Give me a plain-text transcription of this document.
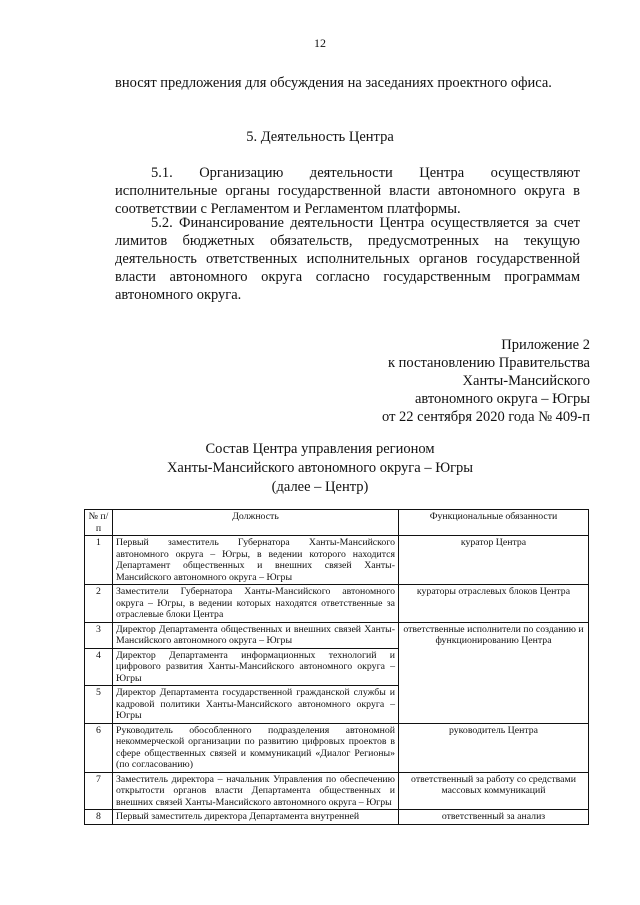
12

вносят предложения для обсуждения на заседаниях проектного офиса.

5. Деятельность Центра

5.1. Организацию деятельности Центра осуществляют исполнительные органы государственной власти автономного округа в соответствии с Регламентом и Регламентом платформы.

5.2. Финансирование деятельности Центра осуществляется за счет лимитов бюджетных обязательств, предусмотренных на текущую деятельность ответственных исполнительных органов государственной власти автономного округа согласно государственным программам автономного округа.

Приложение 2
к постановлению Правительства
Ханты-Мансийского
автономного округа – Югры
от 22 сентября 2020 года № 409-п
Состав Центра управления регионом
Ханты-Мансийского автономного округа – Югры
(далее – Центр)
№ п/п	Должность	Функциональные обязанности
1	Первый заместитель Губернатора Ханты-Мансийского автономного округа – Югры, в ведении которого находится Департамент общественных и внешних связей Ханты-Мансийского автономного округа – Югры	куратор Центра
2	Заместители Губернатора Ханты-Мансийского автономного округа – Югры, в ведении которых находятся ответственные за отраслевые блоки Центра	кураторы отраслевых блоков Центра
3	Директор Департамента общественных и внешних связей Ханты-Мансийского автономного округа – Югры	ответственные исполнители по созданию и функционированию Центра
4	Директор Департамента информационных технологий и цифрового развития Ханты-Мансийского автономного округа – Югры	
5	Директор Департамента государственной гражданской службы и кадровой политики Ханты-Мансийского автономного округа – Югры	
6	Руководитель обособленного подразделения автономной некоммерческой организации по развитию цифровых проектов в сфере общественных связей и коммуникаций «Диалог Регионы» (по согласованию)	руководитель Центра
7	Заместитель директора – начальник Управления по обеспечению открытости органов власти Департамента общественных и внешних связей Ханты-Мансийского автономного округа – Югры	ответственный за работу со средствами массовых коммуникаций
8	Первый заместитель директора Департамента внутренней	ответственный за анализ
